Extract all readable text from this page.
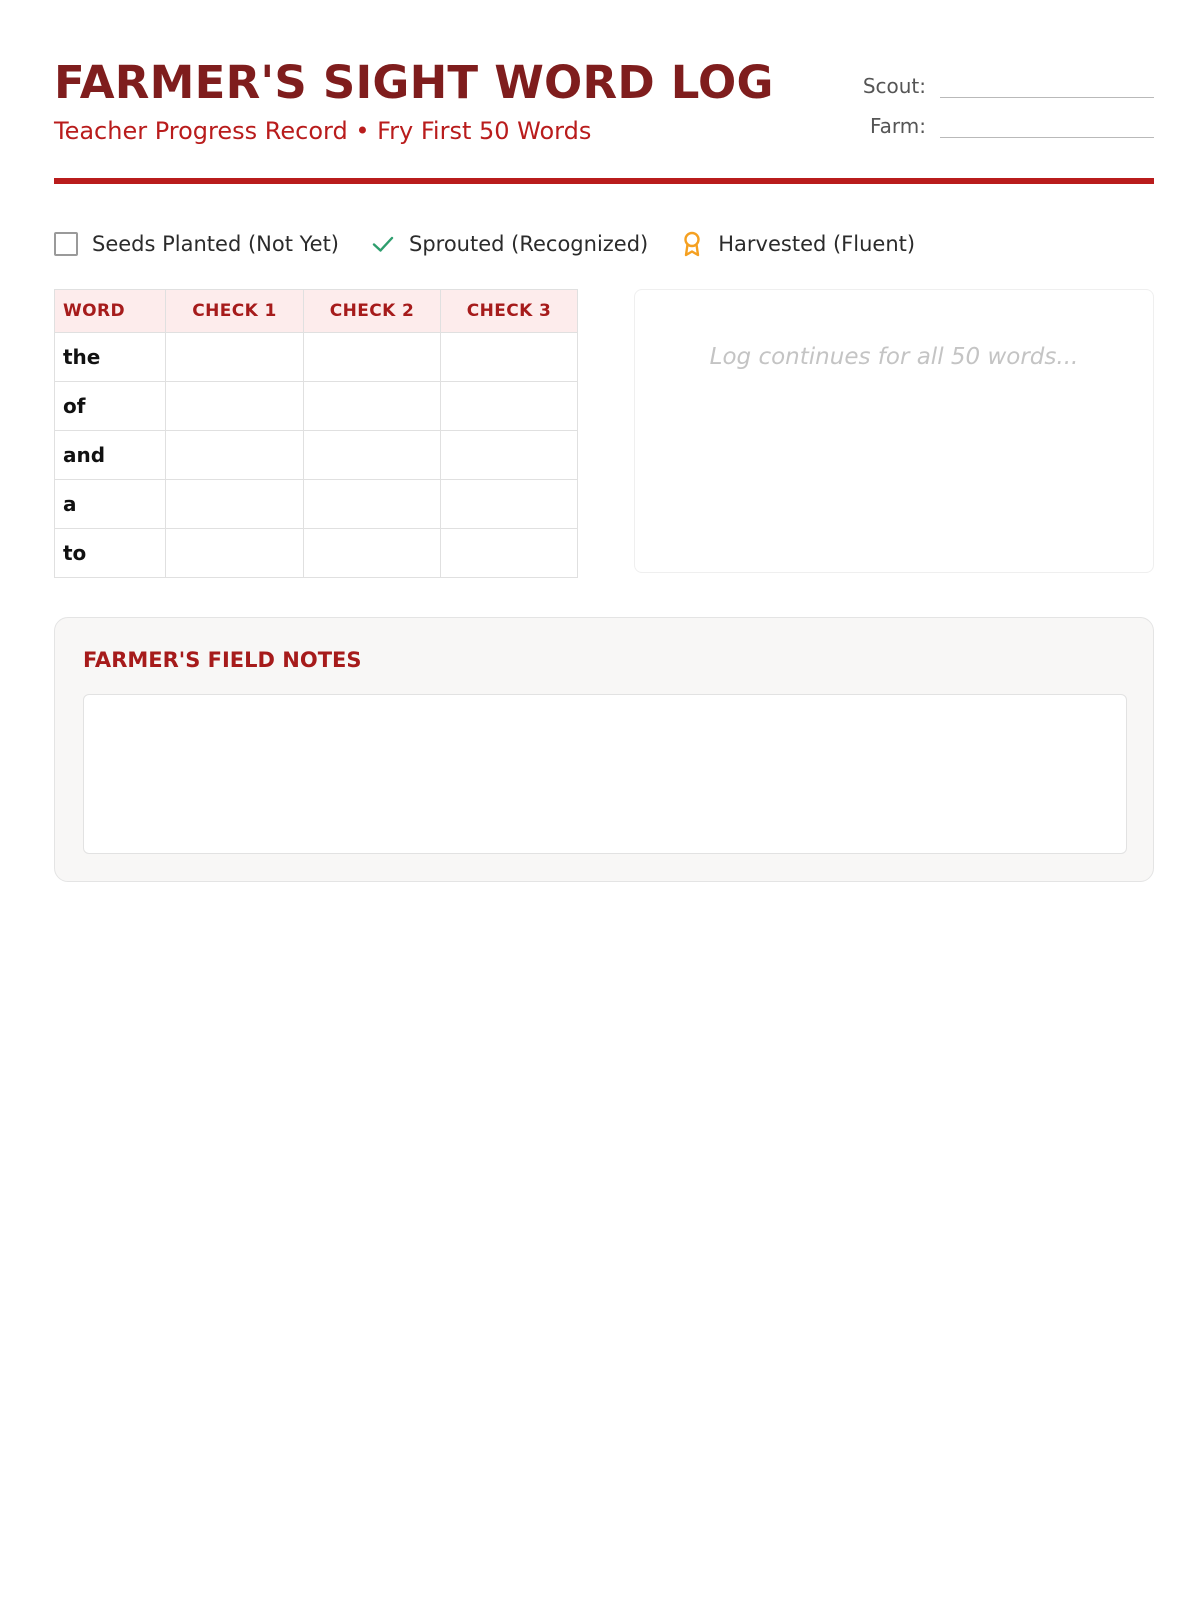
FARMER'S SIGHT WORD LOG
Teacher Progress Record • Fry First 50 Words
Scout:
Farm:
Seeds Planted (Not Yet)	Sprouted (Recognized)	Harvested (Fluent)
WORD	CHECK 1	CHECK 2	CHECK 3
the			
of			
and			
a			
to			
Log continues for all 50 words...
FARMER'S FIELD NOTES
